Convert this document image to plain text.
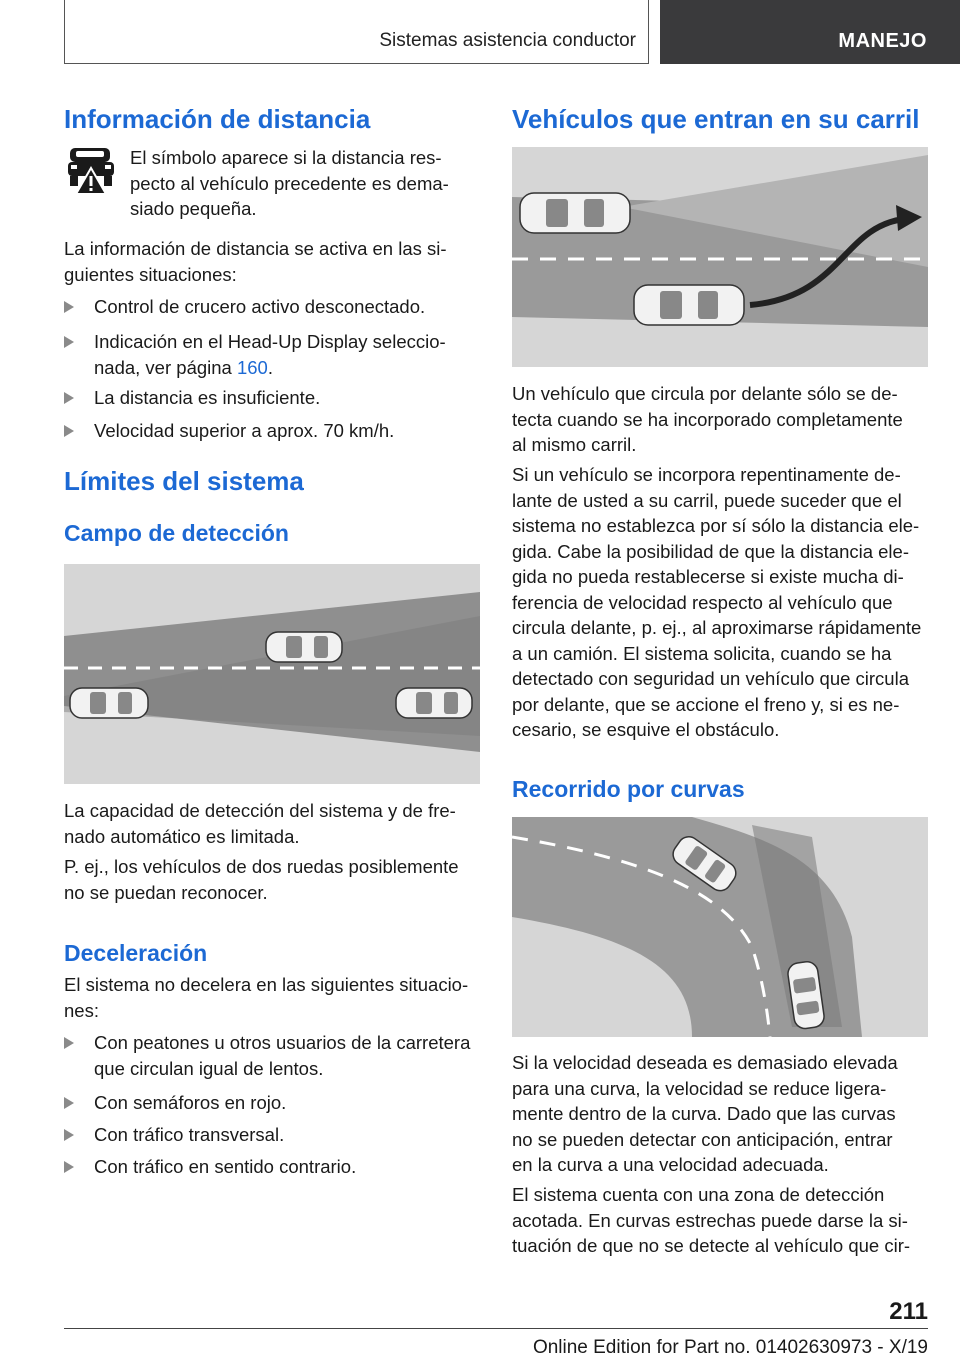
Sistemas asistencia conductor	MANEJO
Información de distancia

El símbolo aparece si la distancia res-
pecto al vehículo precedente es dema-
siado pequeña.

La información de distancia se activa en las si-
guientes situaciones:

Control de crucero activo desconectado.
Indicación en el Head-Up Display seleccio-
nada, ver página 160.
La distancia es insuficiente.
Velocidad superior a aprox. 70 km/h.
Límites del sistema
Campo de detección

La capacidad de detección del sistema y de fre-
nado automático es limitada.

P. ej., los vehículos de dos ruedas posiblemente
no se puedan reconocer.

Deceleración

El sistema no decelera en las siguientes situacio-
nes:

Con peatones u otros usuarios de la carretera
que circulan igual de lentos.
Con semáforos en rojo.
Con tráfico transversal.
Con tráfico en sentido contrario.
Vehículos que entran en su carril

Un vehículo que circula por delante sólo se de-
tecta cuando se ha incorporado completamente
al mismo carril.

Si un vehículo se incorpora repentinamente de-
lante de usted a su carril, puede suceder que el
sistema no establezca por sí sólo la distancia ele-
gida. Cabe la posibilidad de que la distancia ele-
gida no pueda restablecerse si existe mucha di-
ferencia de velocidad respecto al vehículo que
circula delante, p. ej., al aproximarse rápidamente
a un camión. El sistema solicita, cuando se ha
detectado con seguridad un vehículo que circula
por delante, que se accione el freno y, si es ne-
cesario, se esquive el obstáculo.

Recorrido por curvas

Si la velocidad deseada es demasiado elevada
para una curva, la velocidad se reduce ligera-
mente dentro de la curva. Dado que las curvas
no se pueden detectar con anticipación, entrar
en la curva a una velocidad adecuada.

El sistema cuenta con una zona de detección
acotada. En curvas estrechas puede darse la si-
tuación de que no se detecte al vehículo que cir-

211
Online Edition for Part no. 01402630973 - X/19
